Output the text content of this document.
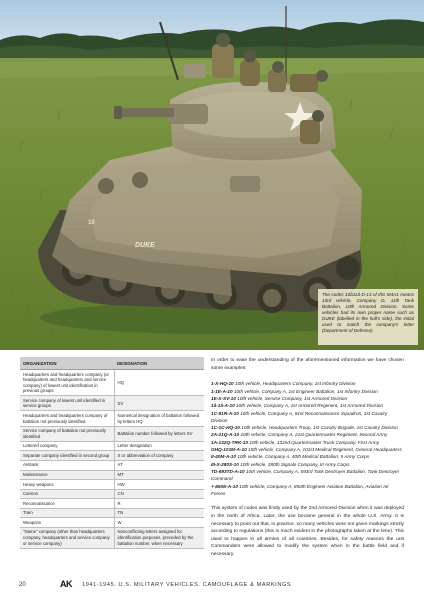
10
DUKE
The codes 10â11â-D-13 of this M4A1 means 13rd vehicle, Company D, 11th Tank Battalion, 10th Armored Division. Some vehicles had its own proper name such as DUKE (labelled in the hull's side), the initial used to match the company's letter (Department of Defense)
ORGANIZATION	DESIGNATION
Headquarters and headquarters company (or headquarters and headquarters and service company) of lowest unit identification in previous groups	HQ
Service company of lowest unit identified in service groups	SV
Headquarters and headquarters company of battalion not previously identified	Numerical designation of battalion followed by letters HQ
Service company of battalion not previously identified	Battalion number followed by letters SV
Lettered company	Letter designation
Separate company identified in second group	X or abbreviation of company
Antitank	AT
Maintenance	MT
Heavy weapons	HW
Cannon	CN
Reconnaissance	R
Train	TN
Weapons	W
"Name" company (other than headquarters company, headquarters and service company or service company)	Nonconflicting letters assigned for identification purposes, preceded by the battalion number, when necessary

In order to ease the understanding of the aforementioned information we have chosen some examples:

1-X-HQ-10 10th vehicle, Headquarters Company, 1st Infantry Division
1-1E-A-10 10th vehicle, Company A, 1st Engineer Battalion, 1st Infantry Division
1E-X-SV-10 10th vehicle, Service Company, 1st Armored Division
1â-1â-A-10 10th vehicle, Company A, 1st Armored Regiment, 1st Armored Division
1C-91R-A-10 10th vehicle, Company A, 91st Reconnaissance Squadron, 1st Cavalry Division
1C-1C-HQ-10 10th vehicle, Headquarters Troop, 1st Cavalry Brigade, 1st Cavalry Division
2A-21Q-A-10 10th vehicle, Company A, 21st Quartermaster Regiment, Second Army
1A-132Q-TRK-10 10th vehicle, 132nd Quartermaster Truck Company, First Army
GHQ-101M-A-10 10th vehicle, Company A, 101st Medical Regiment, General Headquarters
II-40M-A-10 10th vehicle, Company A, 40th Medical Battalion, II Army Corps
III-X-280S-10 10th vehicle, 280th Signals Company, III Army Corps
TD-693TD-A-10 10th vehicle, Company A, 693rd Tank Destroyer Battalion, Tank Destroyer Command
+-850E-A-10 10th vehicle, Company A, 850th Engineer Aviation Battalion, Aviation Air Forces

This system of codes was firstly used by the 2nd Armored Division when it was deployed in the north of Africa. Later, the use became general in the whole U.S. Army. It is necessary to point out that, in practice, so many vehicles were not given markings strictly according to regulations (this is much evident in the photographs taken at the time). This used to happen in all armies of all countries. Besides, for safety reasons the unit Commanders were allowed to modify the system when in the battle field and if necessary.

20	AK 1941-1945. U.S. MILITARY VEHICLES. CAMOUFLAGE & MARKINGS
